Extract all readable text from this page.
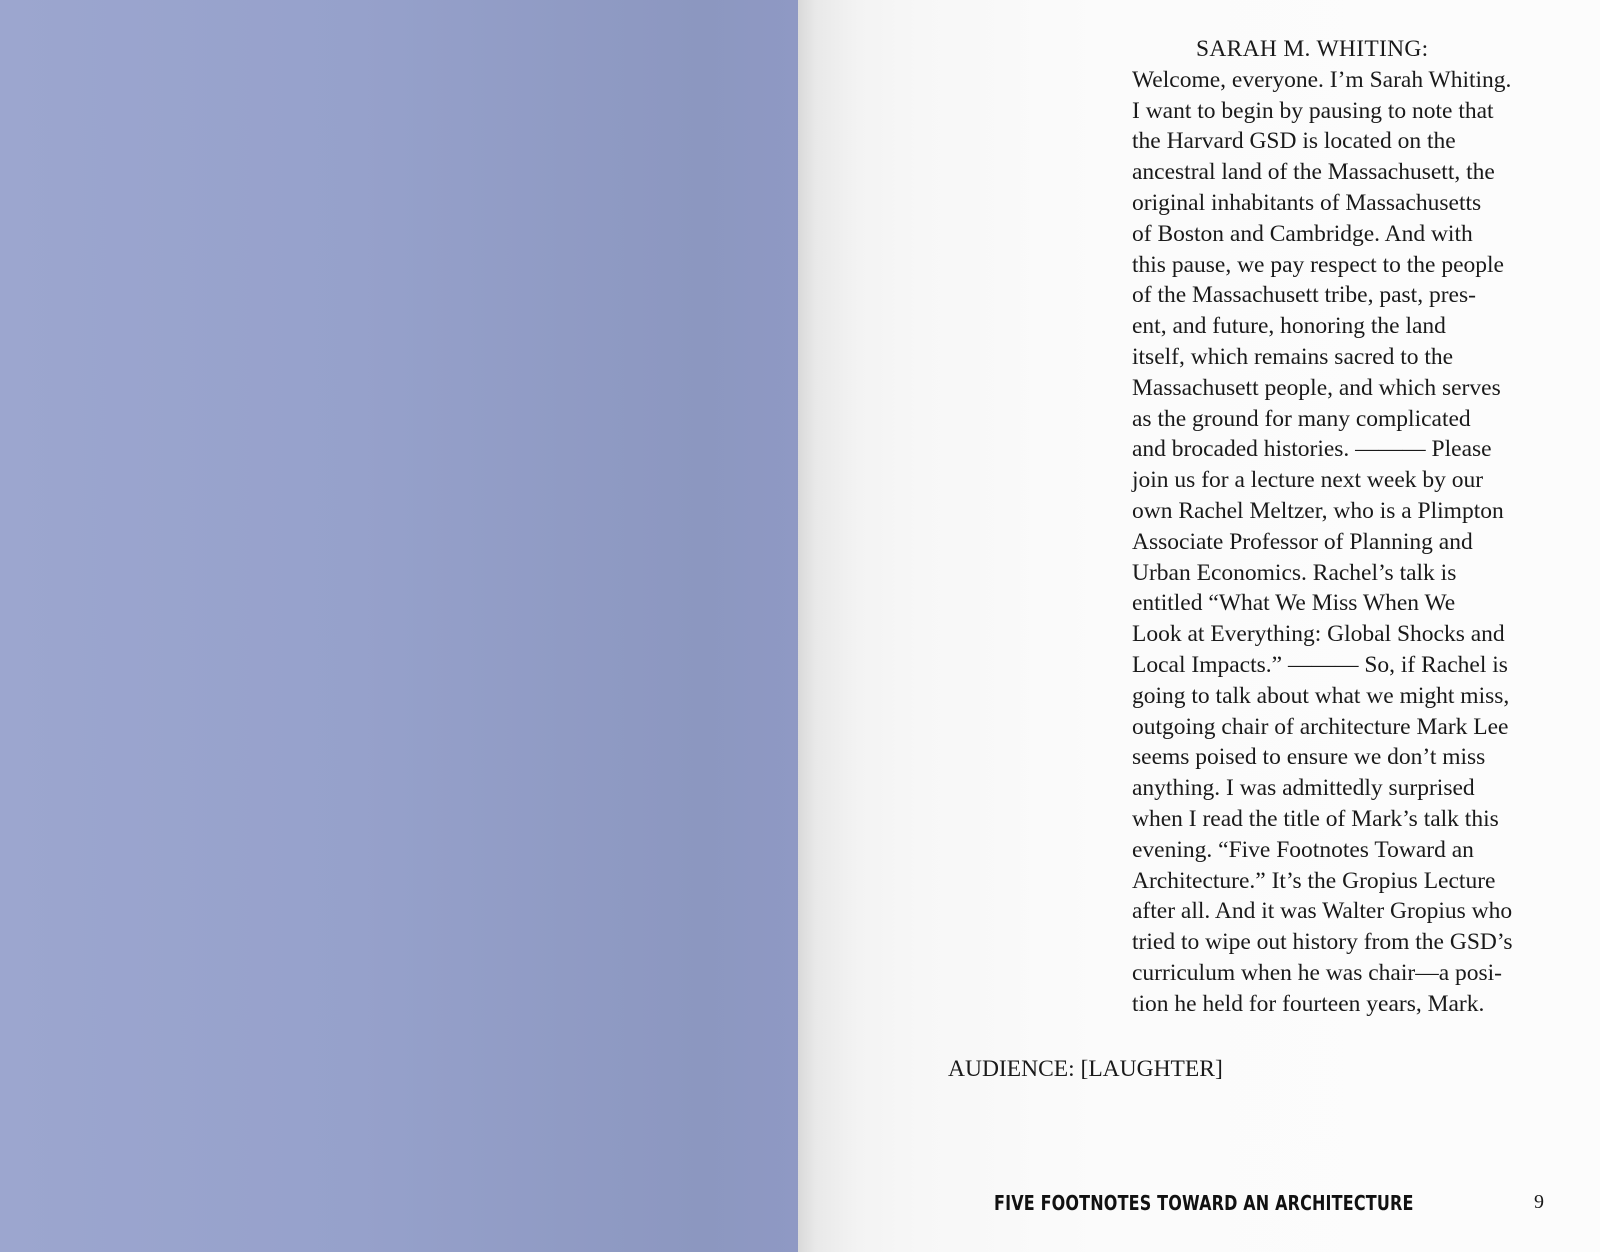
SARAH M. WHITING:
Welcome, everyone. I’m Sarah Whiting.
I want to begin by pausing to note that
the Harvard GSD is located on the
ancestral land of the Massachusett, the
original inhabitants of Massachusetts
of Boston and Cambridge. And with
this pause, we pay respect to the people
of the Massachusett tribe, past, pres-
ent, and future, honoring the land
itself, which remains sacred to the
Massachusett people, and which serves
as the ground for many complicated
and brocaded histories. ——— Please
join us for a lecture next week by our
own Rachel Meltzer, who is a Plimpton
Associate Professor of Planning and
Urban Economics. Rachel’s talk is
entitled “What We Miss When We
Look at Everything: Global Shocks and
Local Impacts.” ——— So, if Rachel is
going to talk about what we might miss,
outgoing chair of architecture Mark Lee
seems poised to ensure we don’t miss
anything. I was admittedly surprised
when I read the title of Mark’s talk this
evening. “Five Footnotes Toward an
Architecture.” It’s the Gropius Lecture
after all. And it was Walter Gropius who
tried to wipe out history from the GSD’s
curriculum when he was chair—a posi-
tion he held for fourteen years, Mark.
AUDIENCE: [LAUGHTER]
FIVE FOOTNOTES TOWARD AN ARCHITECTURE	9
